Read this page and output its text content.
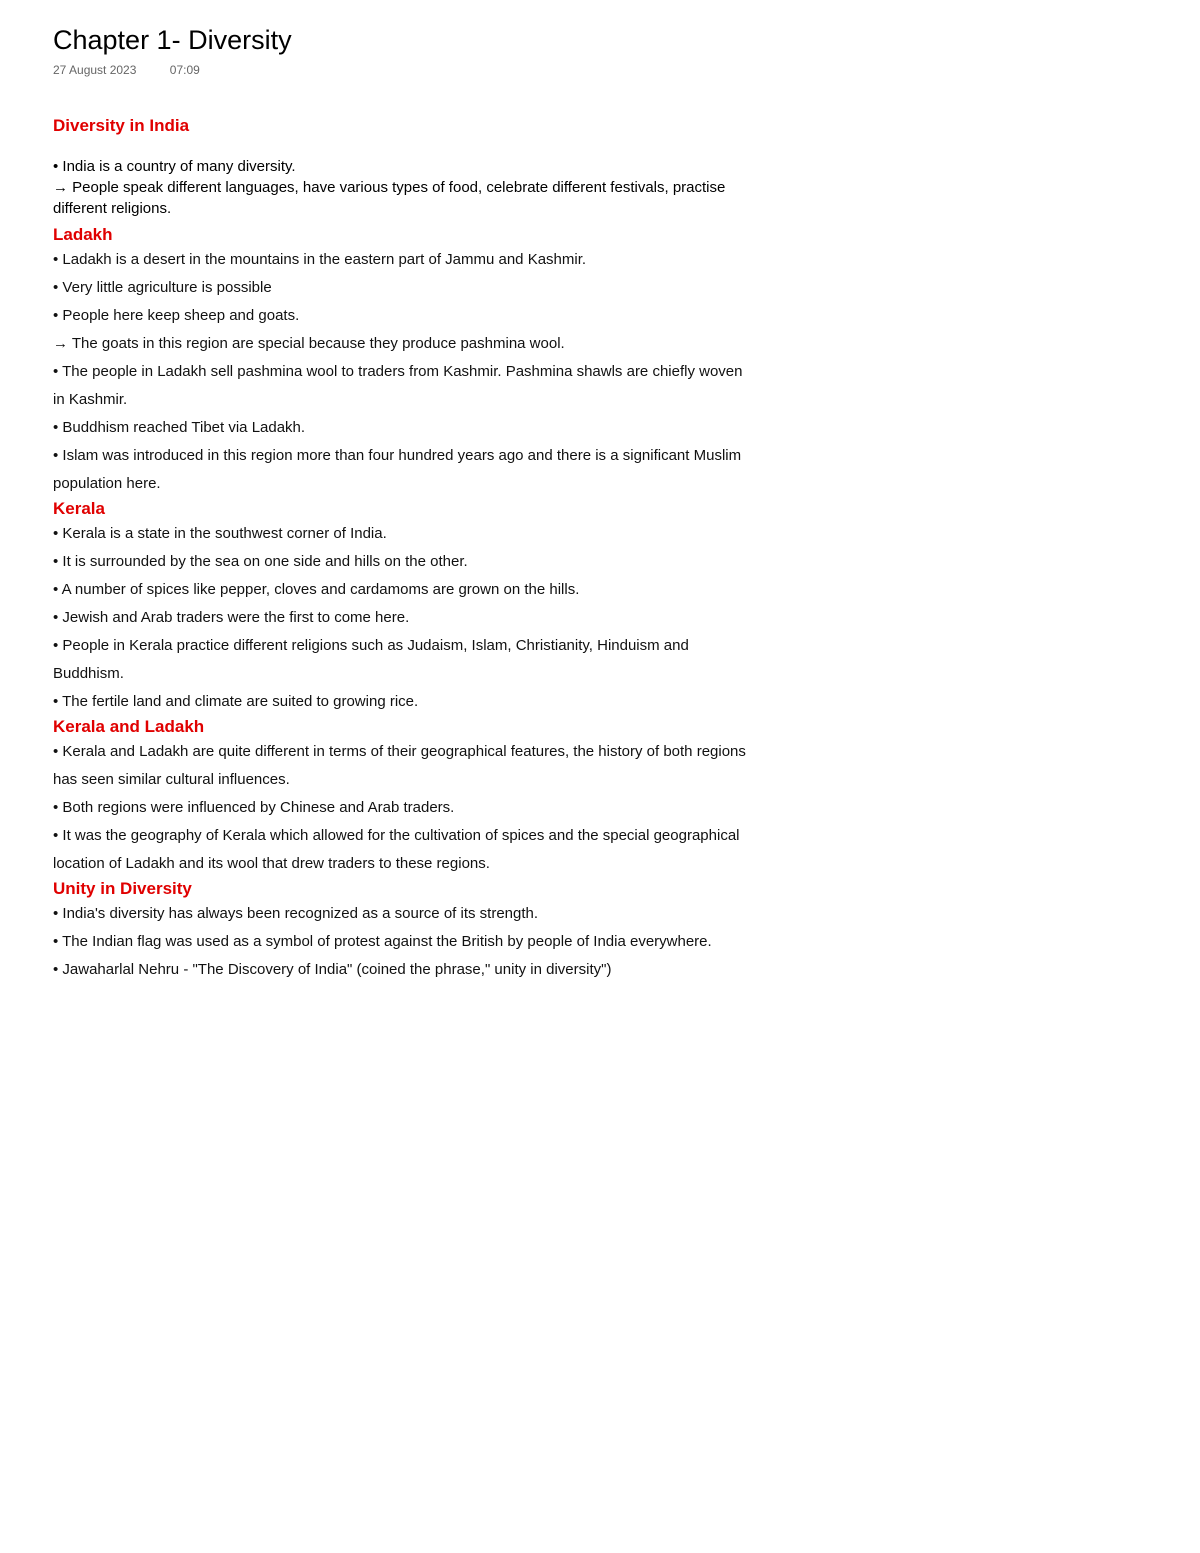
Chapter 1- Diversity
27 August 2023	07:09
Diversity in India

• India is a country of many diversity.

→ People speak different languages, have various types of food, celebrate different festivals, practise different religions.

Ladakh

• Ladakh is a desert in the mountains in the eastern part of Jammu and Kashmir.

• Very little agriculture is possible

• People here keep sheep and goats.

→ The goats in this region are special because they produce pashmina wool.

• The people in Ladakh sell pashmina wool to traders from Kashmir. Pashmina shawls are chiefly woven in Kashmir.

• Buddhism reached Tibet via Ladakh.

• Islam was introduced in this region more than four hundred years ago and there is a significant Muslim population here.

Kerala

• Kerala is a state in the southwest corner of India.

• It is surrounded by the sea on one side and hills on the other.

• A number of spices like pepper, cloves and cardamoms are grown on the hills.

• Jewish and Arab traders were the first to come here.

• People in Kerala practice different religions such as Judaism, Islam, Christianity, Hinduism and Buddhism.

• The fertile land and climate are suited to growing rice.

Kerala and Ladakh

• Kerala and Ladakh are quite different in terms of their geographical features, the history of both regions has seen similar cultural influences.

• Both regions were influenced by Chinese and Arab traders.

• It was the geography of Kerala which allowed for the cultivation of spices and the special geographical location of Ladakh and its wool that drew traders to these regions.

Unity in Diversity

• India's diversity has always been recognized as a source of its strength.

• The Indian flag was used as a symbol of protest against the British by people of India everywhere.

• Jawaharlal Nehru - "The Discovery of India" (coined the phrase," unity in diversity")
